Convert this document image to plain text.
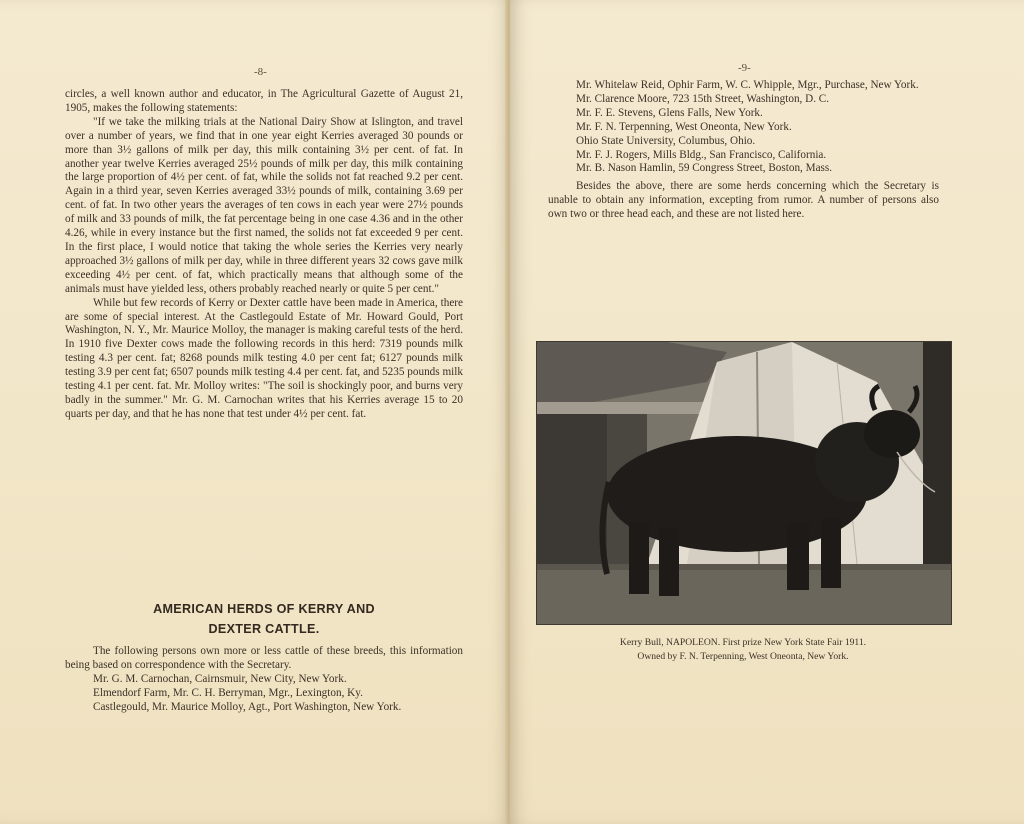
-8-

circles, a well known author and educator, in The Agricultural Gazette of August 21, 1905, makes the following statements:

"If we take the milking trials at the National Dairy Show at Islington, and travel over a number of years, we find that in one year eight Kerries averaged 30 pounds or more than 3½ gallons of milk per day, this milk containing 3½ per cent. of fat. In another year twelve Kerries averaged 25½ pounds of milk per day, this milk containing the large proportion of 4½ per cent. of fat, while the solids not fat reached 9.2 per cent. Again in a third year, seven Kerries averaged 33½ pounds of milk, containing 3.69 per cent. of fat. In two other years the averages of ten cows in each year were 27½ pounds of milk and 33 pounds of milk, the fat percentage being in one case 4.36 and in the other 4.26, while in every instance but the first named, the solids not fat exceeded 9 per cent. In the first place, I would notice that taking the whole series the Kerries very nearly approached 3½ gallons of milk per day, while in three different years 32 cows gave milk exceeding 4½ per cent. of fat, which practically means that although some of the animals must have yielded less, others probably reached nearly or quite 5 per cent."

While but few records of Kerry or Dexter cattle have been made in America, there are some of special interest. At the Castlegould Estate of Mr. Howard Gould, Port Washington, N. Y., Mr. Maurice Molloy, the manager is making careful tests of the herd. In 1910 five Dexter cows made the following records in this herd: 7319 pounds milk testing 4.3 per cent. fat; 8268 pounds milk testing 4.0 per cent fat; 6127 pounds milk testing 3.9 per cent fat; 6507 pounds milk testing 4.4 per cent. fat, and 5235 pounds milk testing 4.1 per cent. fat. Mr. Molloy writes: "The soil is shockingly poor, and burns very badly in the summer." Mr. G. M. Carnochan writes that his Kerries average 15 to 20 quarts per day, and that he has none that test under 4½ per cent. fat.

AMERICAN HERDS OF KERRY AND
DEXTER CATTLE.

The following persons own more or less cattle of these breeds, this information being based on correspondence with the Secretary.

Mr. G. M. Carnochan, Cairnsmuir, New City, New York.

Elmendorf Farm, Mr. C. H. Berryman, Mgr., Lexington, Ky.

Castlegould, Mr. Maurice Molloy, Agt., Port Washington, New York.

-9-

Mr. Whitelaw Reid, Ophir Farm, W. C. Whipple, Mgr., Purchase, New York.

Mr. Clarence Moore, 723 15th Street, Washington, D. C.

Mr. F. E. Stevens, Glens Falls, New York.

Mr. F. N. Terpenning, West Oneonta, New York.

Ohio State University, Columbus, Ohio.

Mr. F. J. Rogers, Mills Bldg., San Francisco, California.

Mr. B. Nason Hamlin, 59 Congress Street, Boston, Mass.

Besides the above, there are some herds concerning which the Secretary is unable to obtain any information, excepting from rumor. A number of persons also own two or three head each, and these are not listed here.

Kerry Bull, NAPOLEON. First prize New York State Fair 1911.
Owned by F. N. Terpenning, West Oneonta, New York.
